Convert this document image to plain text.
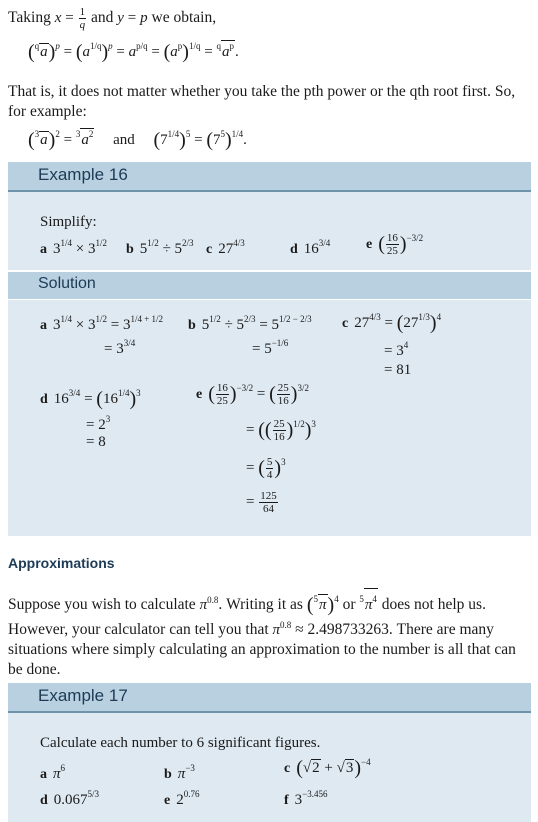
Taking $x = \frac{1}{q}$ and y = p we obtain,
$(^qa)^p = (a^{1/q})^p = a^{p/q} = (a^p)^{1/q} = ^qa^p$.
That is, it does not matter whether you take the pth power or the qth root first. So, for example:
$(^3a)^2 = ^3a^2$ and $(7^{1/4})^5 = (7^5)^{1/4}$.
Example 16
Simplify:
a $3^{1/4} \times 3^{1/2}$ b $5^{1/2} \div 5^{2/3}$ c $27^{4/3}$	d $16^{3/4}$	e ( $\frac{16}{25} )^{-3/2}$
Solution
a $3^{1/4} \times 3^{1/2} = 3^{1/4 + 1/2}$
= $3^{3/4}$
b $5^{1/2} \div 5^{2/3} = 5^{1/2 - 2/3}$
= $5^{-1/6}$
c $27^{4/3} = (27^{1/3})^4$
= $3^4$
= 81
d $16^{3/4} = (16^{1/4})^3$
= $2^3$
= 8
e ( $\frac{16}{25} )^{-3/2}$ = ( $\frac{25}{16} )^{3/2}$
= (( $\frac{25}{16} )^{1/2})^3$
= ( $\frac{5}{4} )^3$
= $\frac{125}{64}$
Approximations
Suppose you wish to calculate $\pi^{0.8}$. Writing it as $(^5\pi)^4$ or $^5\pi^4$ does not help us. However, your calculator can tell you that $\pi^{0.8} \approx 2.498733263$. There are many situations where simply calculating an approximation to the number is all that can be done.
Example 17
Calculate each number to 6 significant figures.
a $\pi^6$	b $\pi^{-3}$	c $(√2 + √3)^{-4}$
d $0.067^{5/3}$	e $2^{0.76}$	f $3^{-3.456}$
